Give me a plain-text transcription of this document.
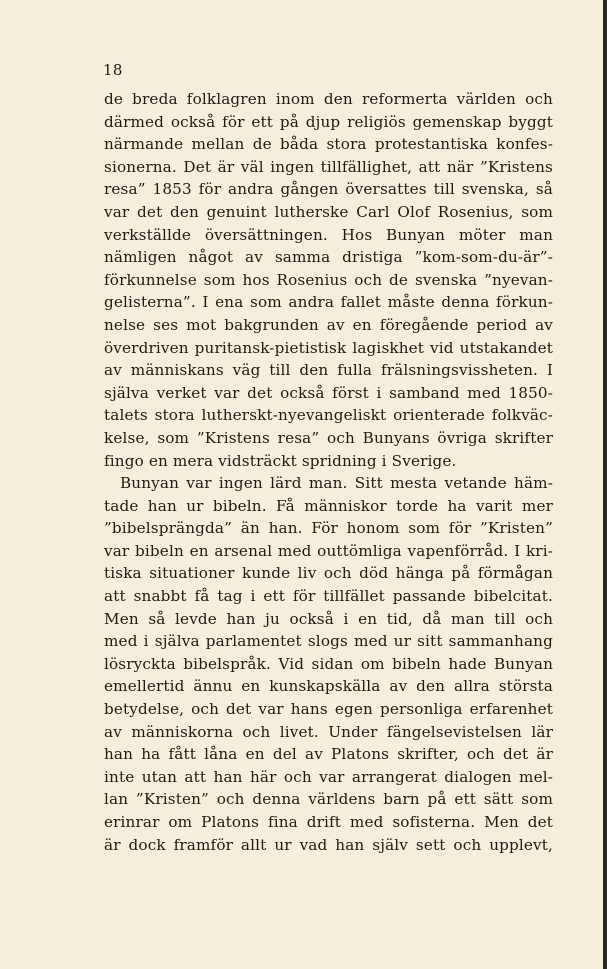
18
de breda folklagren inom den reformerta världen och
därmed också för ett på djup religiös gemenskap byggt
närmande mellan de båda stora protestantiska konfes-
sionerna. Det är väl ingen tillfällighet, att när ”Kristens
resa” 1853 för andra gången översattes till svenska, så
var det den genuint lutherske Carl Olof Rosenius, som
verkställde översättningen. Hos Bunyan möter man
nämligen något av samma dristiga ”kom-som-du-är”-
förkunnelse som hos Rosenius och de svenska ”nyevan-
gelisterna”. I ena som andra fallet måste denna förkun-
nelse ses mot bakgrunden av en föregående period av
överdriven puritansk-pietistisk lagiskhet vid utstakandet
av människans väg till den fulla frälsningsvissheten. I
själva verket var det också först i samband med 1850-
talets stora lutherskt-nyevangeliskt orienterade folkväc-
kelse, som ”Kristens resa” och Bunyans övriga skrifter
fingo en mera vidsträckt spridning i Sverige.
Bunyan var ingen lärd man. Sitt mesta vetande häm-
tade han ur bibeln. Få människor torde ha varit mer
”bibelsprängda” än han. För honom som för ”Kristen”
var bibeln en arsenal med outtömliga vapenförråd. I kri-
tiska situationer kunde liv och död hänga på förmågan
att snabbt få tag i ett för tillfället passande bibelcitat.
Men så levde han ju också i en tid, då man till och
med i själva parlamentet slogs med ur sitt sammanhang
lösryckta bibelspråk. Vid sidan om bibeln hade Bunyan
emellertid ännu en kunskapskälla av den allra största
betydelse, och det var hans egen personliga erfarenhet
av människorna och livet. Under fängelsevistelsen lär
han ha fått låna en del av Platons skrifter, och det är
inte utan att han här och var arrangerat dialogen mel-
lan ”Kristen” och denna världens barn på ett sätt som
erinrar om Platons fina drift med sofisterna. Men det
är dock framför allt ur vad han själv sett och upplevt,
